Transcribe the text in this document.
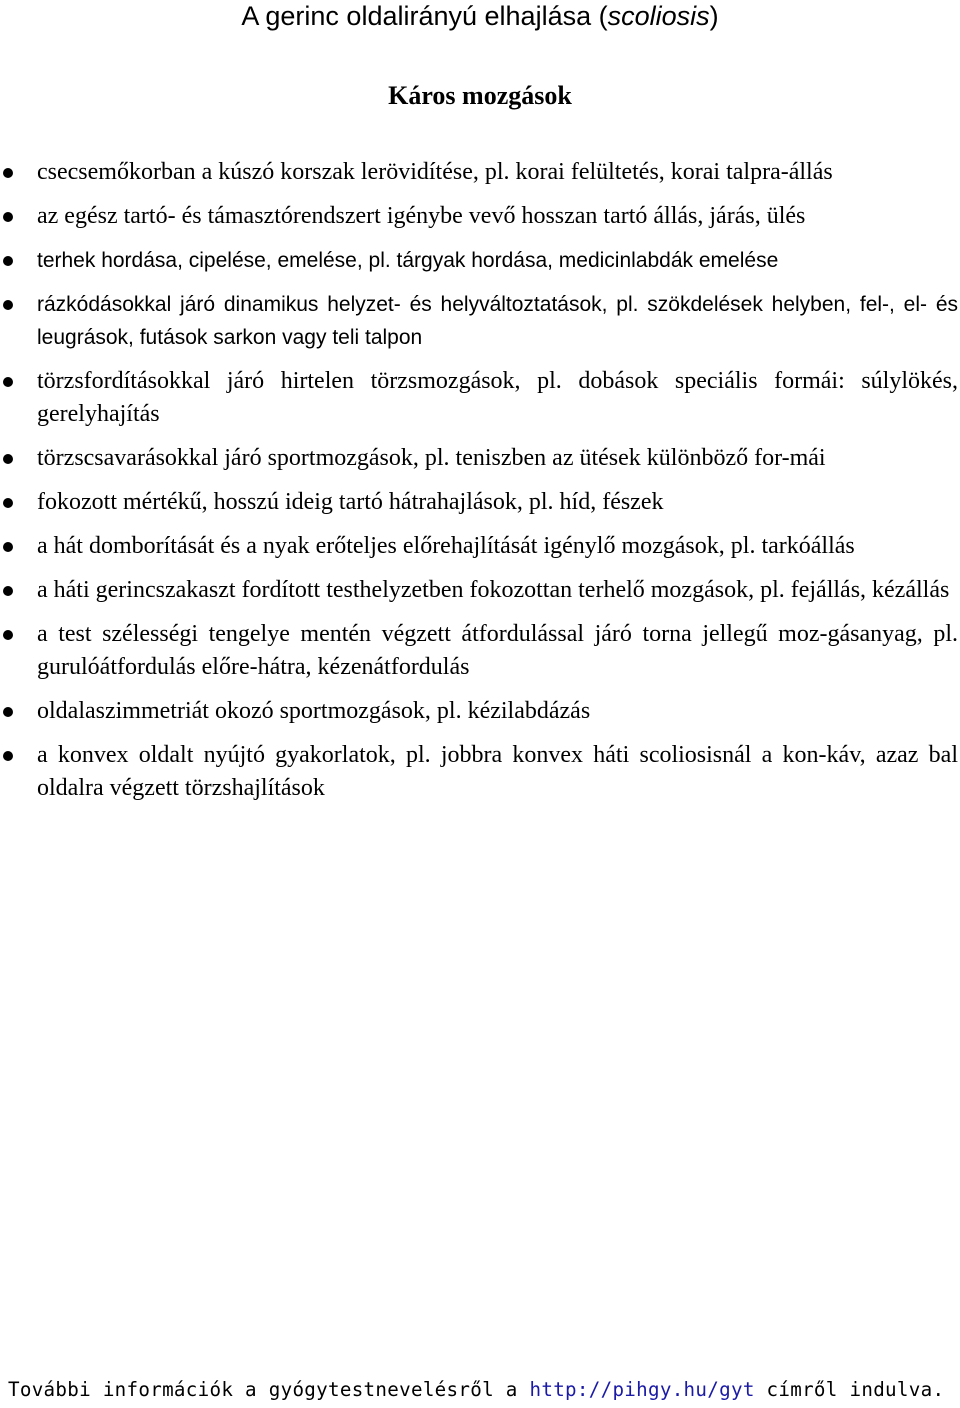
A gerinc oldalirányú elhajlása (scoliosis)
Káros mozgások
csecsemőkorban a kúszó korszak lerövidítése, pl. korai felültetés, korai talpra-állás
az egész tartó- és támasztórendszert igénybe vevő hosszan tartó állás, járás, ülés
terhek hordása, cipelése, emelése, pl. tárgyak hordása, medicinlabdák emelése
rázkódásokkal járó dinamikus helyzet- és helyváltoztatások, pl. szökdelések helyben, fel-, el- és leugrások, futások sarkon vagy teli talpon
törzsfordításokkal járó hirtelen törzsmozgások, pl. dobások speciális formái: súlylökés, gerelyhajítás
törzscsavarásokkal járó sportmozgások, pl. teniszben az ütések különböző for-mái
fokozott mértékű, hosszú ideig tartó hátrahajlások, pl. híd, fészek
a hát domborítását és a nyak erőteljes előrehajlítását igénylő mozgások, pl. tarkóállás
a háti gerincszakaszt fordított testhelyzetben fokozottan terhelő mozgások, pl. fejállás, kézállás
a test szélességi tengelye mentén végzett átfordulással járó torna jellegű moz-gásanyag, pl. gurulóátfordulás előre-hátra, kézenátfordulás
oldalaszimmetriát okozó sportmozgások, pl. kézilabdázás
a konvex oldalt nyújtó gyakorlatok, pl. jobbra konvex háti scoliosisnál a kon-káv, azaz bal oldalra végzett törzshajlítások
További információk a gyógytestnevelésről a http://pihgy.hu/gyt címről indulva.
